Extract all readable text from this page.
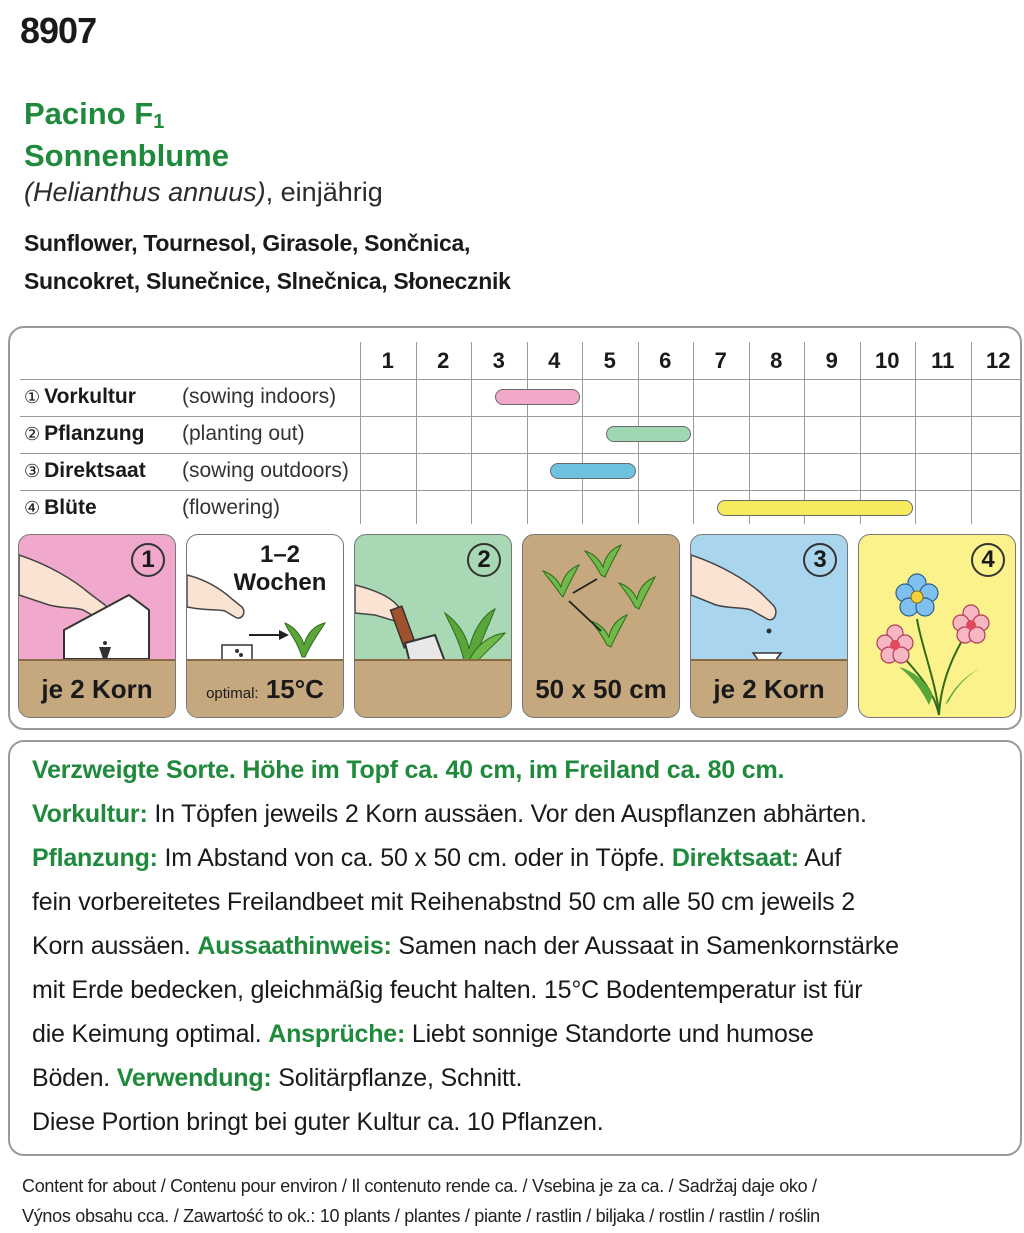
8907
Pacino F1
Sonnenblume
(Helianthus annuus), einjährig
Sunflower, Tournesol, Girasole, Sončnica,
Suncokret, Slunečnice, Slnečnica, Słonecznik
1	2	3	4	5	6	7	8	9	10	11	12
① Vorkultur (sowing indoors)
② Pflanzung (planting out)
③ Direktsaat (sowing outdoors)
④ Blüte	(flowering)
1
je 2 Korn
1–2
Wochen
optimal: 15°C
2
50 x 50 cm
3
je 2 Korn
4
Verzweigte Sorte. Höhe im Topf ca. 40 cm, im Freiland ca. 80 cm.
Vorkultur: In Töpfen jeweils 2 Korn aussäen. Vor den Auspflanzen abhärten.
Pflanzung: Im Abstand von ca. 50 x 50 cm. oder in Töpfe. Direktsaat: Auf
fein vorbereitetes Freilandbeet mit Reihenabstnd 50 cm alle 50 cm jeweils 2
Korn aussäen. Aussaathinweis: Samen nach der Aussaat in Samenkornstärke
mit Erde bedecken, gleichmäßig feucht halten. 15°C Bodentemperatur ist für
die Keimung optimal. Ansprüche: Liebt sonnige Standorte und humose
Böden. Verwendung: Solitärpflanze, Schnitt.
Diese Portion bringt bei guter Kultur ca. 10 Pflanzen.
Content for about / Contenu pour environ / Il contenuto rende ca. / Vsebina je za ca. / Sadržaj daje oko /
Výnos obsahu cca. / Zawartość to ok.: 10 plants / plantes / piante / rastlin / biljaka / rostlin / rastlin / roślin
